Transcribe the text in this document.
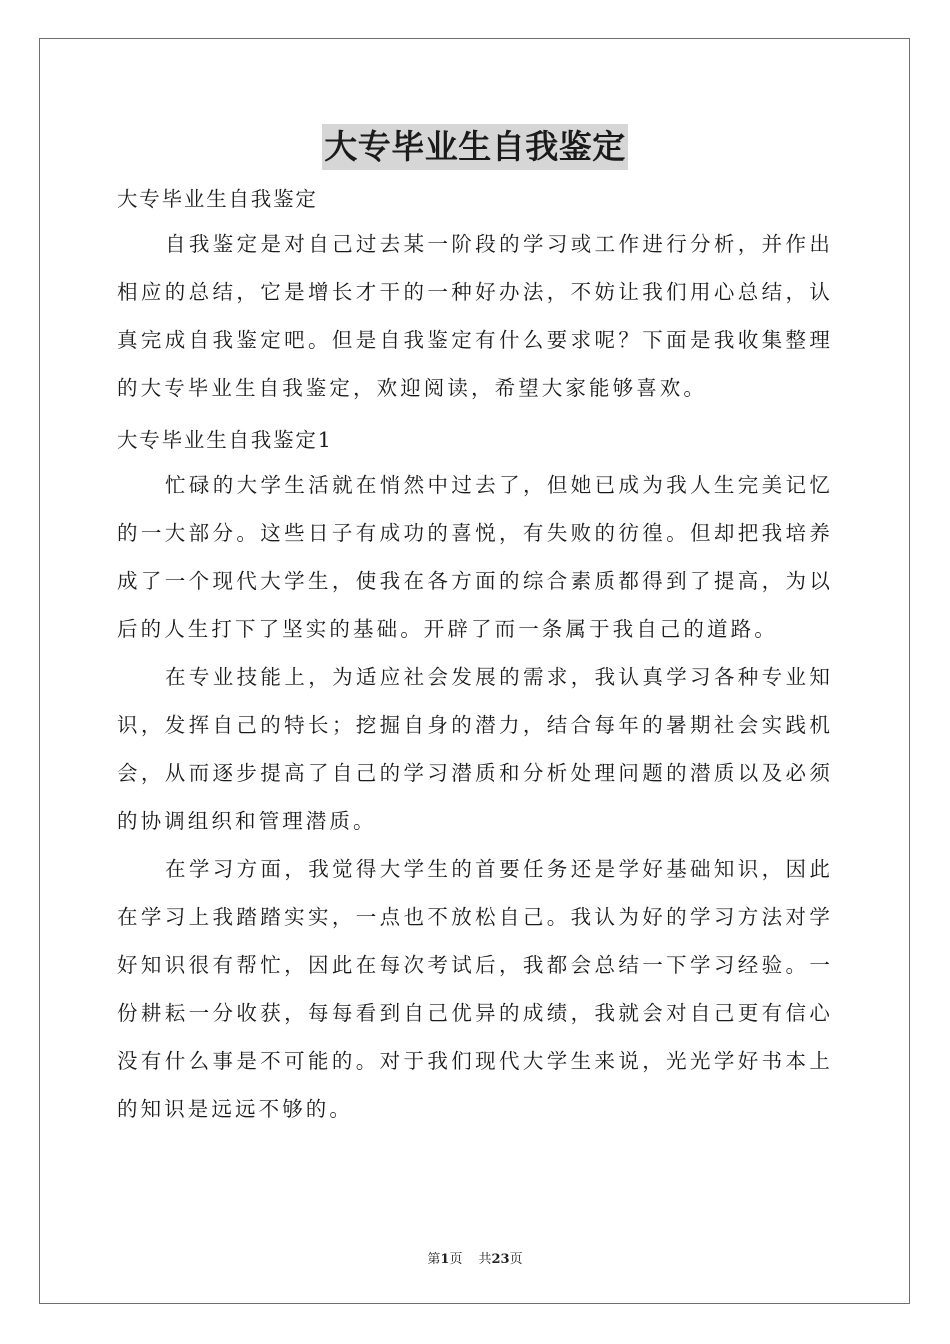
大专毕业生自我鉴定

大专毕业生自我鉴定

自我鉴定是对自己过去某一阶段的学习或工作进行分析，并作出相应的总结，它是增长才干的一种好办法，不妨让我们用心总结，认真完成自我鉴定吧。但是自我鉴定有什么要求呢？下面是我收集整理的大专毕业生自我鉴定，欢迎阅读，希望大家能够喜欢。

大专毕业生自我鉴定1

忙碌的大学生活就在悄然中过去了，但她已成为我人生完美记忆的一大部分。这些日子有成功的喜悦，有失败的彷徨。但却把我培养成了一个现代大学生，使我在各方面的综合素质都得到了提高，为以后的人生打下了坚实的基础。开辟了而一条属于我自己的道路。

在专业技能上，为适应社会发展的需求，我认真学习各种专业知识，发挥自己的特长；挖掘自身的潜力，结合每年的暑期社会实践机会，从而逐步提高了自己的学习潜质和分析处理问题的潜质以及必须的协调组织和管理潜质。

在学习方面，我觉得大学生的首要任务还是学好基础知识，因此在学习上我踏踏实实，一点也不放松自己。我认为好的学习方法对学好知识很有帮忙，因此在每次考试后，我都会总结一下学习经验。一份耕耘一分收获，每每看到自己优异的成绩，我就会对自己更有信心没有什么事是不可能的。对于我们现代大学生来说，光光学好书本上的知识是远远不够的。

第1页 共23页
